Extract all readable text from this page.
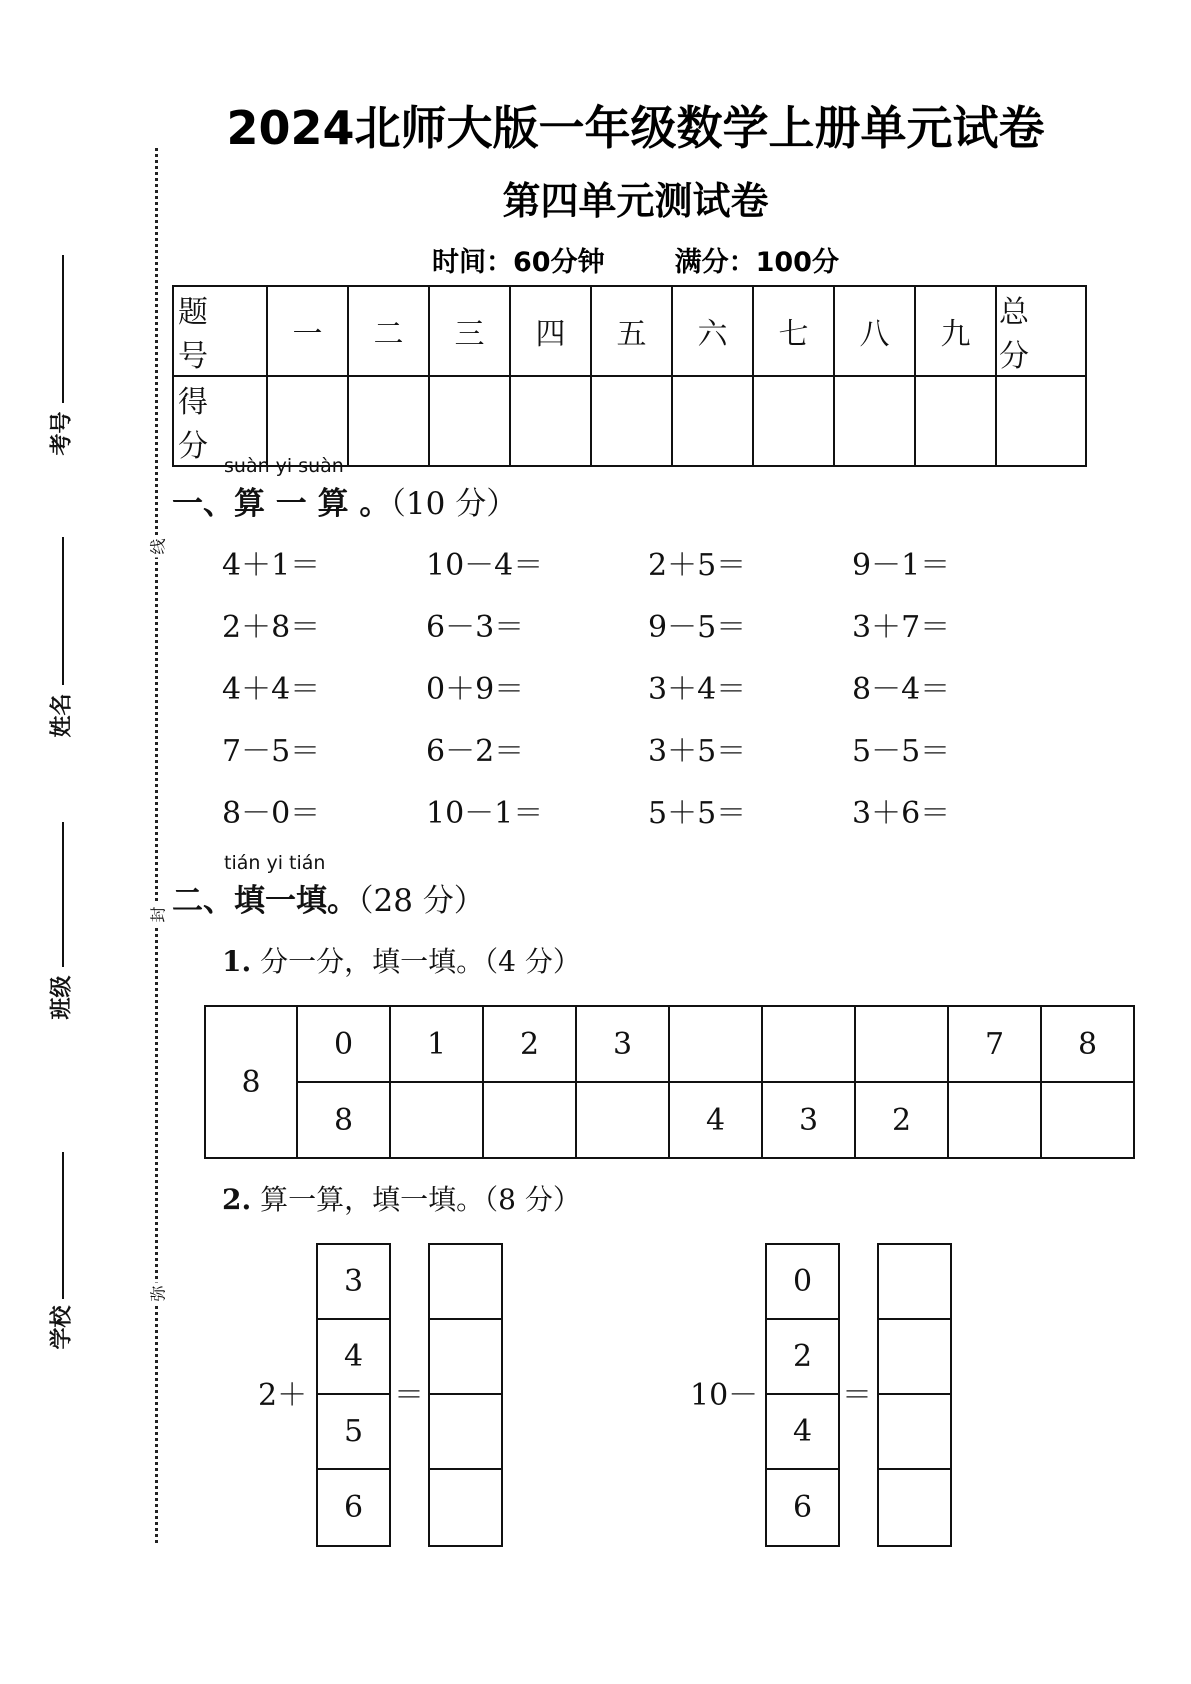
2024北师大版一年级数学上册单元试卷
第四单元测试卷
时间：60分钟	满分：100分
线
封
弥
考号
姓名
班级
学校
题 号	一	二	三	四	五	六	七	八	九	总 分
得 分										
suàn yi suàn
一、算 一 算 。（10 分）
4＋1＝	10－4＝	2＋5＝	9－1＝
2＋8＝	6－3＝	9－5＝	3＋7＝
4＋4＝	0＋9＝	3＋4＝	8－4＝
7－5＝	6－2＝	3＋5＝	5－5＝
8－0＝	10－1＝	5＋5＝	3＋6＝
tián yi tián
二、填一填。（28 分）
1. 分一分，填一填。（4 分）
8	0	1	2	3				7	8
	8				4	3	2		
2. 算一算，填一填。（8 分）
2＋
3
4
5
6
＝	10－
0
2
4
6
＝
